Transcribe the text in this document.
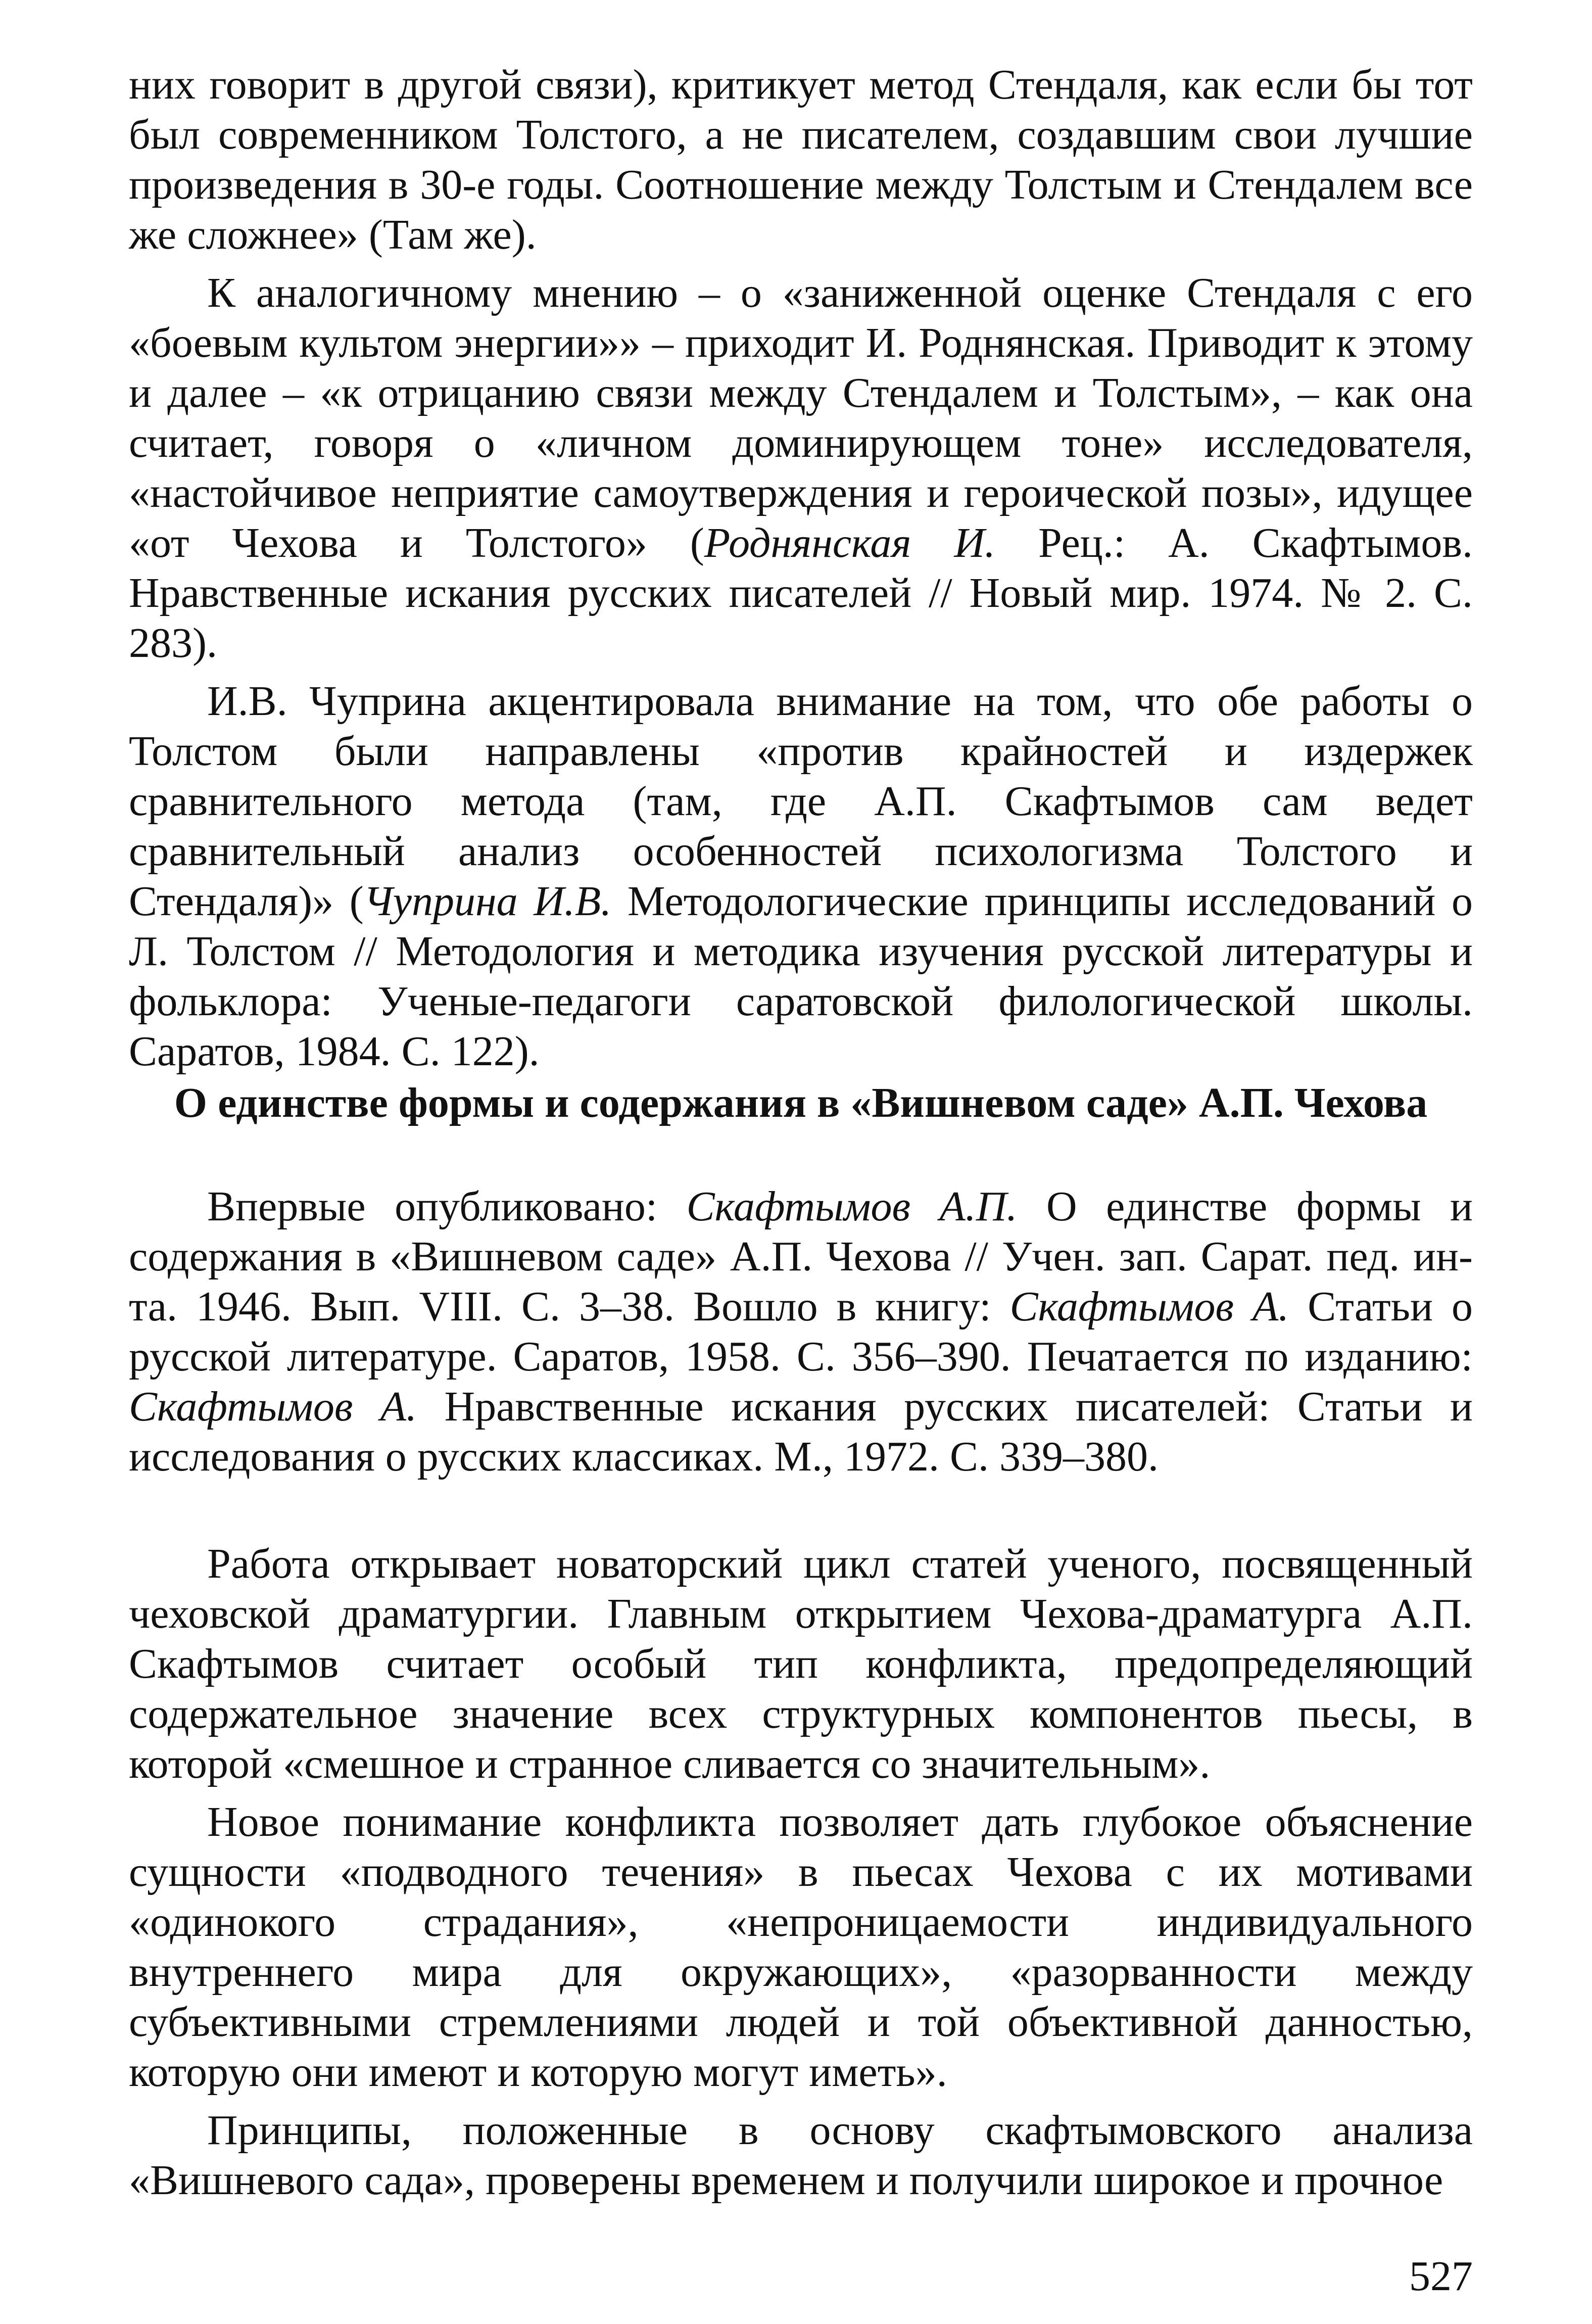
них говорит в другой связи), критикует метод Стендаля, как если бы тот был современником Толстого, а не писателем, создавшим свои лучшие произведения в 30-е годы. Соотношение между Толстым и Стендалем все же сложнее» (Там же).

К аналогичному мнению – о «заниженной оценке Стендаля с его «боевым культом энергии»» – приходит И. Роднянская. Приводит к этому и далее – «к отрицанию связи между Стендалем и Толстым», – как она считает, говоря о «личном доминирующем тоне» исследователя, «настойчивое неприятие самоутверждения и героической позы», идущее «от Чехова и Толстого» (Роднянская И. Рец.: А. Скафтымов. Нравственные искания русских писателей // Новый мир. 1974. № 2. С. 283).

И.В. Чуприна акцентировала внимание на том, что обе работы о Толстом были направлены «против крайностей и издержек сравнительного метода (там, где А.П. Скафтымов сам ведет сравнительный анализ особенностей психологизма Толстого и Стендаля)» (Чуприна И.В. Методологические принципы исследований о Л. Толстом // Методология и методика изучения русской литературы и фольклора: Ученые-педагоги саратовской филологической школы. Саратов, 1984. С. 122).

О единстве формы и содержания в «Вишневом саде» А.П. Чехова

Впервые опубликовано: Скафтымов А.П. О единстве формы и содержания в «Вишневом саде» А.П. Чехова // Учен. зап. Сарат. пед. ин-та. 1946. Вып. VIII. С. 3–38. Вошло в книгу: Скафтымов А. Статьи о русской литературе. Саратов, 1958. С. 356–390. Печатается по изданию: Скафтымов А. Нравственные искания русских писателей: Статьи и исследования о русских классиках. М., 1972. С. 339–380.

Работа открывает новаторский цикл статей ученого, посвященный чеховской драматургии. Главным открытием Чехова-драматурга А.П. Скафтымов считает особый тип конфликта, предопределяющий содержательное значение всех структурных компонентов пьесы, в которой «смешное и странное сливается со значительным».

Новое понимание конфликта позволяет дать глубокое объяснение сущности «подводного течения» в пьесах Чехова с их мотивами «одинокого страдания», «непроницаемости индивидуального внутреннего мира для окружающих», «разорванности между субъективными стремлениями людей и той объективной данностью, которую они имеют и которую могут иметь».

Принципы, положенные в основу скафтымовского анализа «Вишневого сада», проверены временем и получили широкое и прочное

527
